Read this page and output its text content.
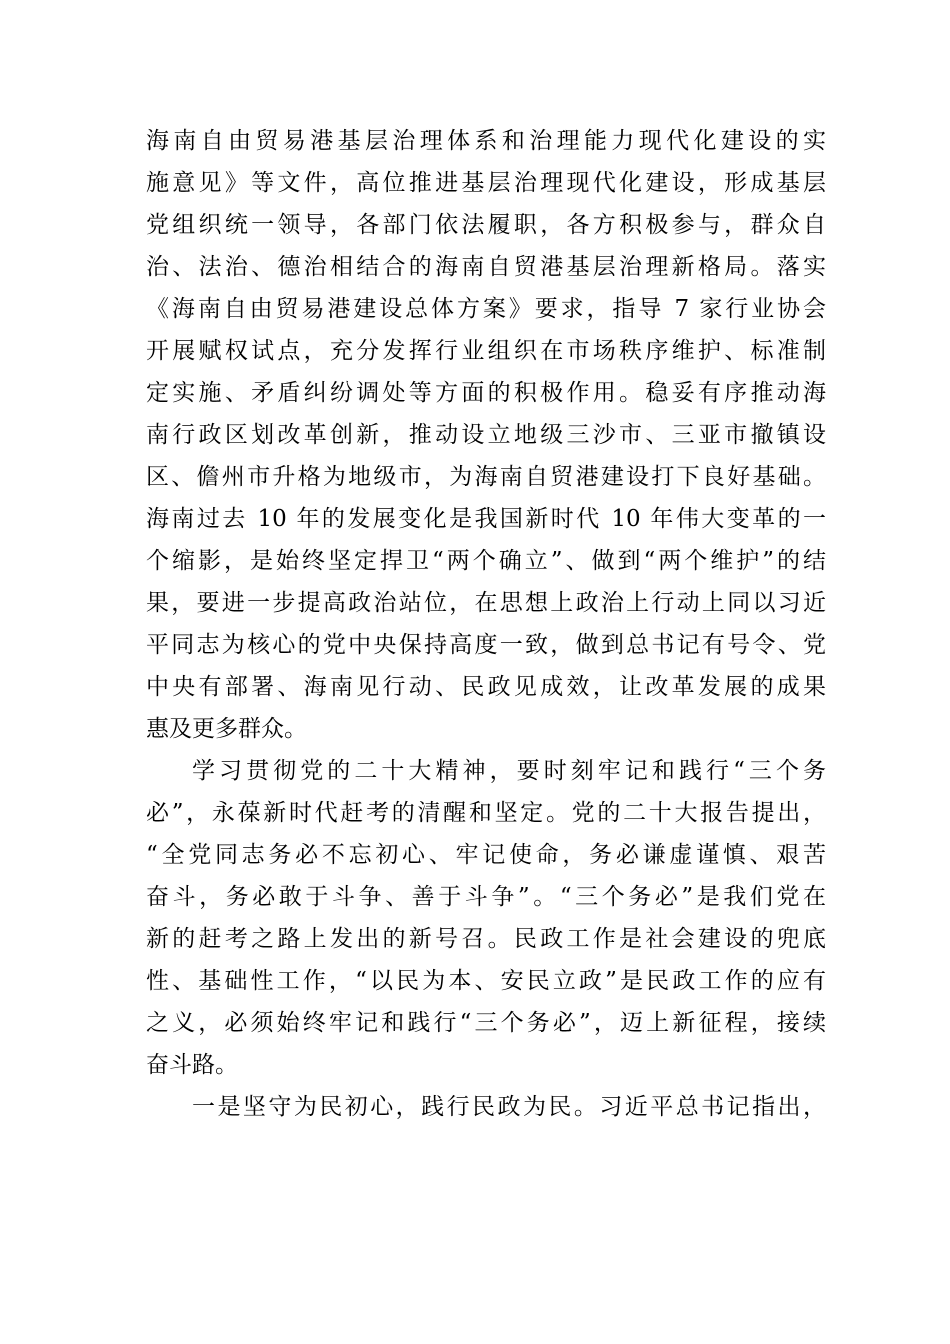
海南自由贸易港基层治理体系和治理能力现代化建设的实
施意见》等文件，高位推进基层治理现代化建设，形成基层
党组织统一领导，各部门依法履职，各方积极参与，群众自
治、法治、德治相结合的海南自贸港基层治理新格局。落实
《海南自由贸易港建设总体方案》要求，指导 7 家行业协会
开展赋权试点，充分发挥行业组织在市场秩序维护、标准制
定实施、矛盾纠纷调处等方面的积极作用。稳妥有序推动海
南行政区划改革创新，推动设立地级三沙市、三亚市撤镇设
区、儋州市升格为地级市，为海南自贸港建设打下良好基础。
海南过去 10 年的发展变化是我国新时代 10 年伟大变革的一
个缩影，是始终坚定捍卫“两个确立”、做到“两个维护”的结
果，要进一步提高政治站位，在思想上政治上行动上同以习近
平同志为核心的党中央保持高度一致，做到总书记有号令、党
中央有部署、海南见行动、民政见成效，让改革发展的成果
惠及更多群众。
学习贯彻党的二十大精神，要时刻牢记和践行“三个务
必”，永葆新时代赶考的清醒和坚定。党的二十大报告提出，
“全党同志务必不忘初心、牢记使命，务必谦虚谨慎、艰苦
奋斗，务必敢于斗争、善于斗争”。“三个务必”是我们党在
新的赶考之路上发出的新号召。民政工作是社会建设的兜底
性、基础性工作，“以民为本、安民立政”是民政工作的应有
之义，必须始终牢记和践行“三个务必”，迈上新征程，接续
奋斗路。
一是坚守为民初心，践行民政为民。习近平总书记指出，
